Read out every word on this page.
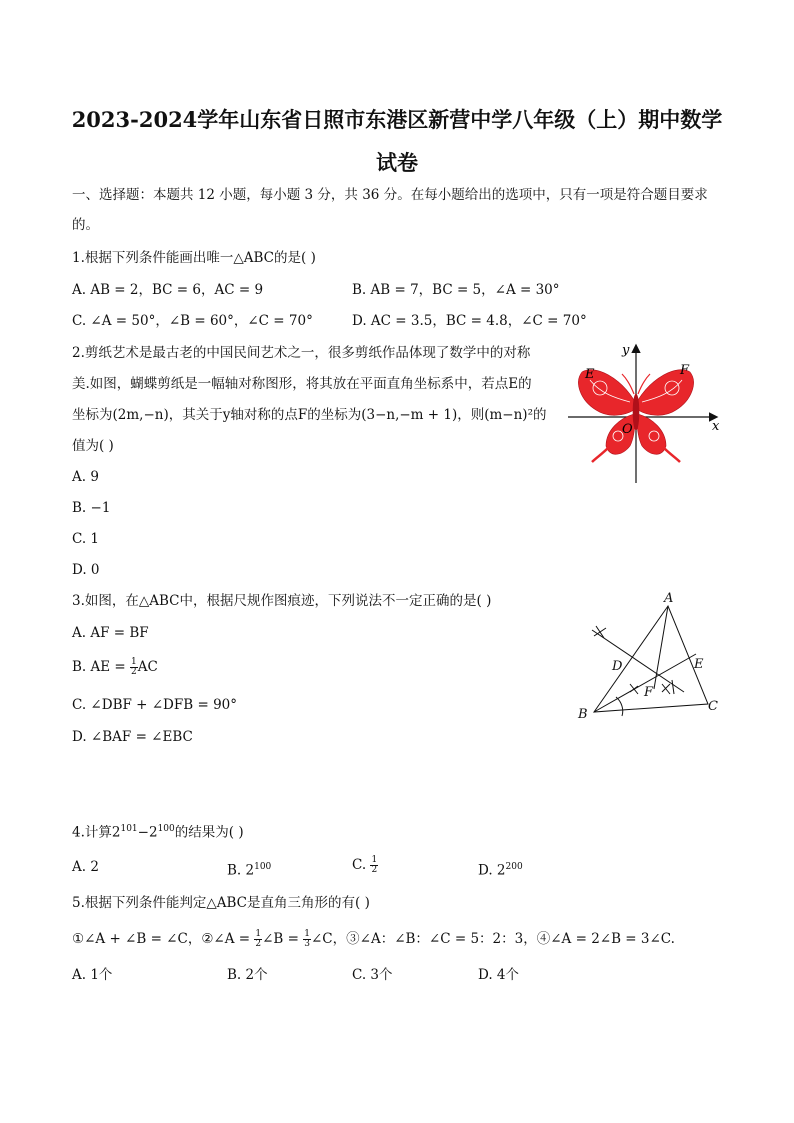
2023-2024学年山东省日照市东港区新营中学八年级（上）期中数学
试卷
一、选择题：本题共 12 小题，每小题 3 分，共 36 分。在每小题给出的选项中，只有一项是符合题目要求
的。
1.根据下列条件能画出唯一△ABC的是( )
A. AB = 2，BC = 6，AC = 9	B. AB = 7，BC = 5，∠A = 30°
C. ∠A = 50°，∠B = 60°，∠C = 70°	D. AC = 3.5，BC = 4.8，∠C = 70°
2.剪纸艺术是最古老的中国民间艺术之一，很多剪纸作品体现了数学中的对称
美.如图，蝴蝶剪纸是一幅轴对称图形，将其放在平面直角坐标系中，若点E的
坐标为(2m,−n)，其关于y轴对称的点F的坐标为(3−n,−m + 1)，则(m−n)²的
值为( )
A. 9
B. −1
C. 1
D. 0
y
x
E	F
O
3.如图，在△ABC中，根据尺规作图痕迹，下列说法不一定正确的是( )
A. AF = BF
B. AE = $\frac{1}{2}$ AC
C. ∠DBF + ∠DFB = 90°
D. ∠BAF = ∠EBC
A
B
C
D	E
F
4.计算$2^{101}-2^{100}$的结果为( )
A. 2	B. $2^{100}$	C. $\frac{1}{2}$	D. $2^{200}$
5.根据下列条件能判定△ABC是直角三角形的有( )
①∠A + ∠B = ∠C，②∠A = $\frac{1}{2}$ ∠B = $\frac{1}{3}$ ∠C，③∠A：∠B：∠C = 5：2：3，④∠A = 2∠B = 3∠C.
A. 1个	B. 2个	C. 3个	D. 4个
